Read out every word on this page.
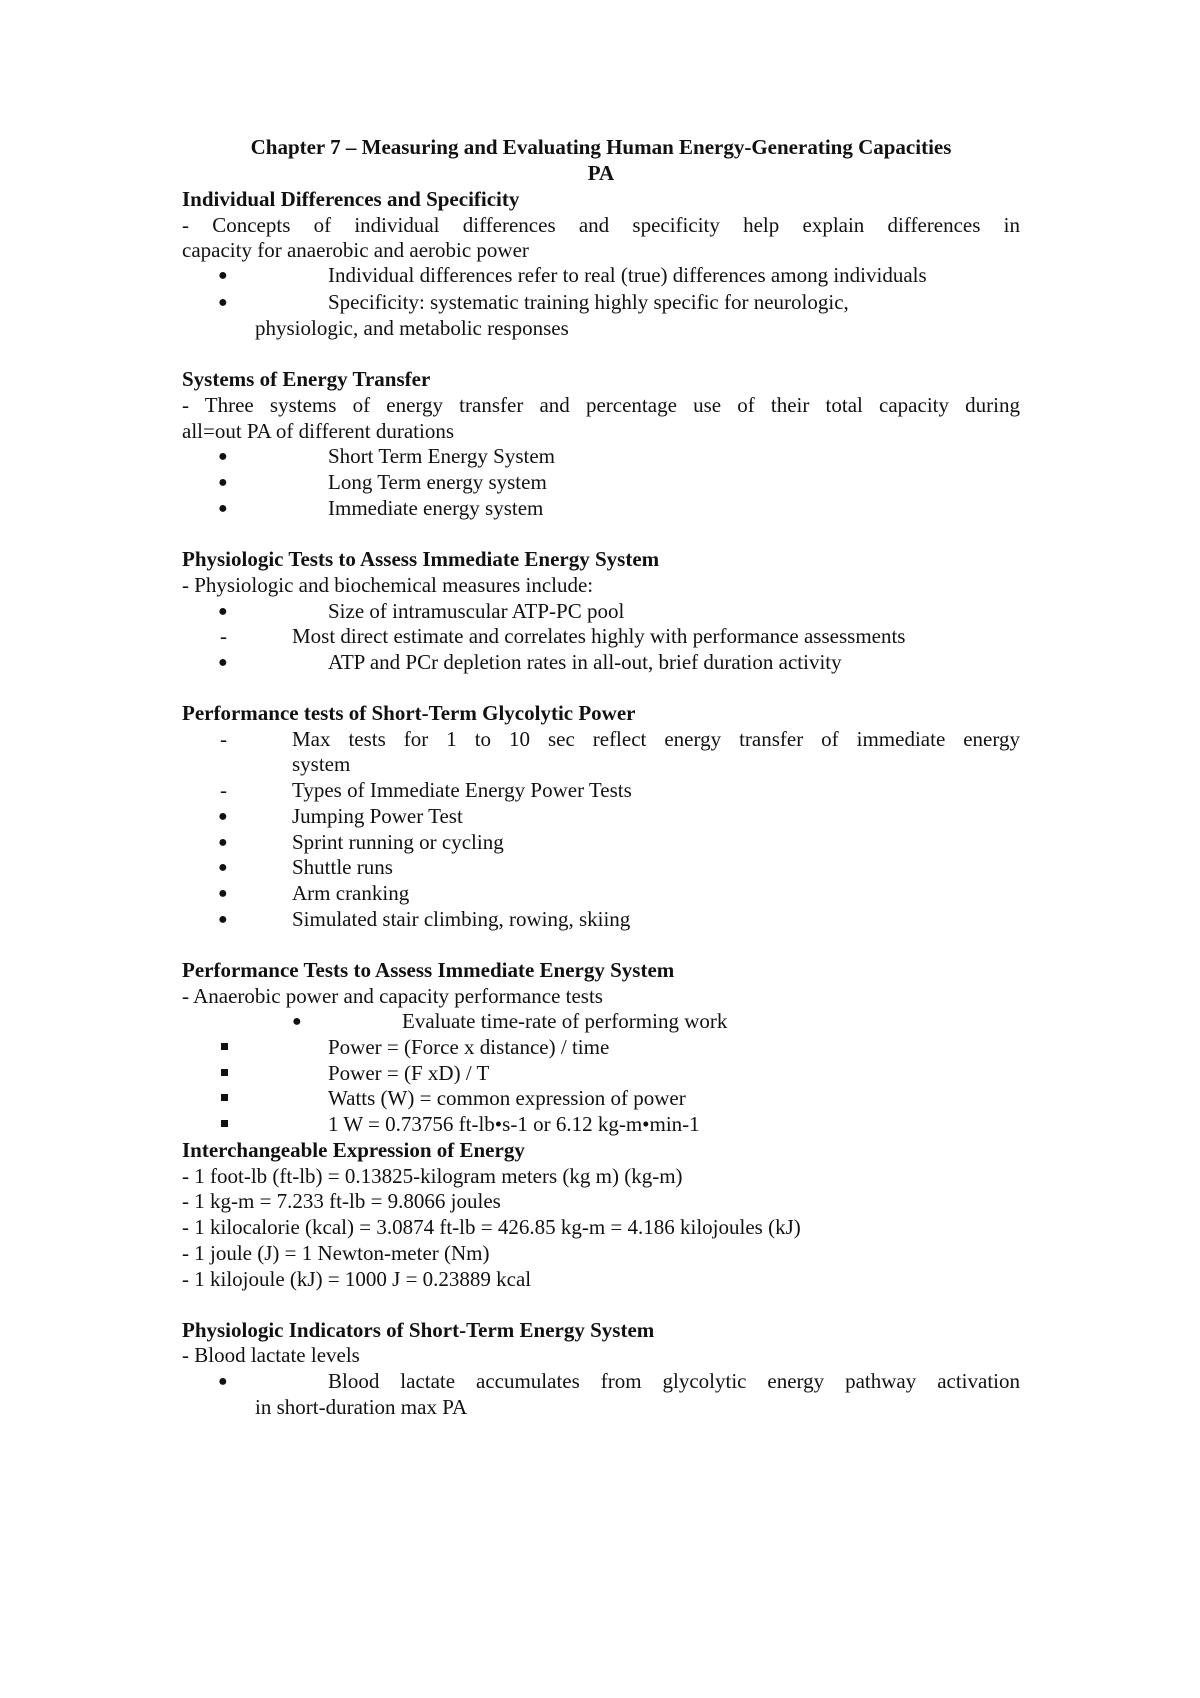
Chapter 7 – Measuring and Evaluating Human Energy-Generating Capacities
PA
Individual Differences and Specificity
- Concepts of individual differences and specificity help explain differences in
capacity for anaerobic and aerobic power
●	Individual differences refer to real (true) differences among individuals
●	Specificity: systematic training highly specific for neurologic,
physiologic, and metabolic responses
Systems of Energy Transfer
- Three systems of energy transfer and percentage use of their total capacity during
all=out PA of different durations
●	Short Term Energy System
●	Long Term energy system
●	Immediate energy system
Physiologic Tests to Assess Immediate Energy System
- Physiologic and biochemical measures include:
●	Size of intramuscular ATP-PC pool
-	Most direct estimate and correlates highly with performance assessments
●	ATP and PCr depletion rates in all-out, brief duration activity
Performance tests of Short-Term Glycolytic Power
-	Max tests for 1 to 10 sec reflect energy transfer of immediate energy
system
-	Types of Immediate Energy Power Tests
●	Jumping Power Test
●	Sprint running or cycling
●	Shuttle runs
●	Arm cranking
●	Simulated stair climbing, rowing, skiing
Performance Tests to Assess Immediate Energy System
- Anaerobic power and capacity performance tests
●	Evaluate time-rate of performing work
Power = (Force x distance) / time
Power = (F xD) / T
Watts (W) = common expression of power
1 W = 0.73756 ft-lb•s-1 or 6.12 kg-m•min-1
Interchangeable Expression of Energy
- 1 foot-lb (ft-lb) = 0.13825-kilogram meters (kg m) (kg-m)
- 1 kg-m = 7.233 ft-lb = 9.8066 joules
- 1 kilocalorie (kcal) = 3.0874 ft-lb = 426.85 kg-m = 4.186 kilojoules (kJ)
- 1 joule (J) = 1 Newton-meter (Nm)
- 1 kilojoule (kJ) = 1000 J = 0.23889 kcal
Physiologic Indicators of Short-Term Energy System
- Blood lactate levels
●	Blood lactate accumulates from glycolytic energy pathway activation
in short-duration max PA
